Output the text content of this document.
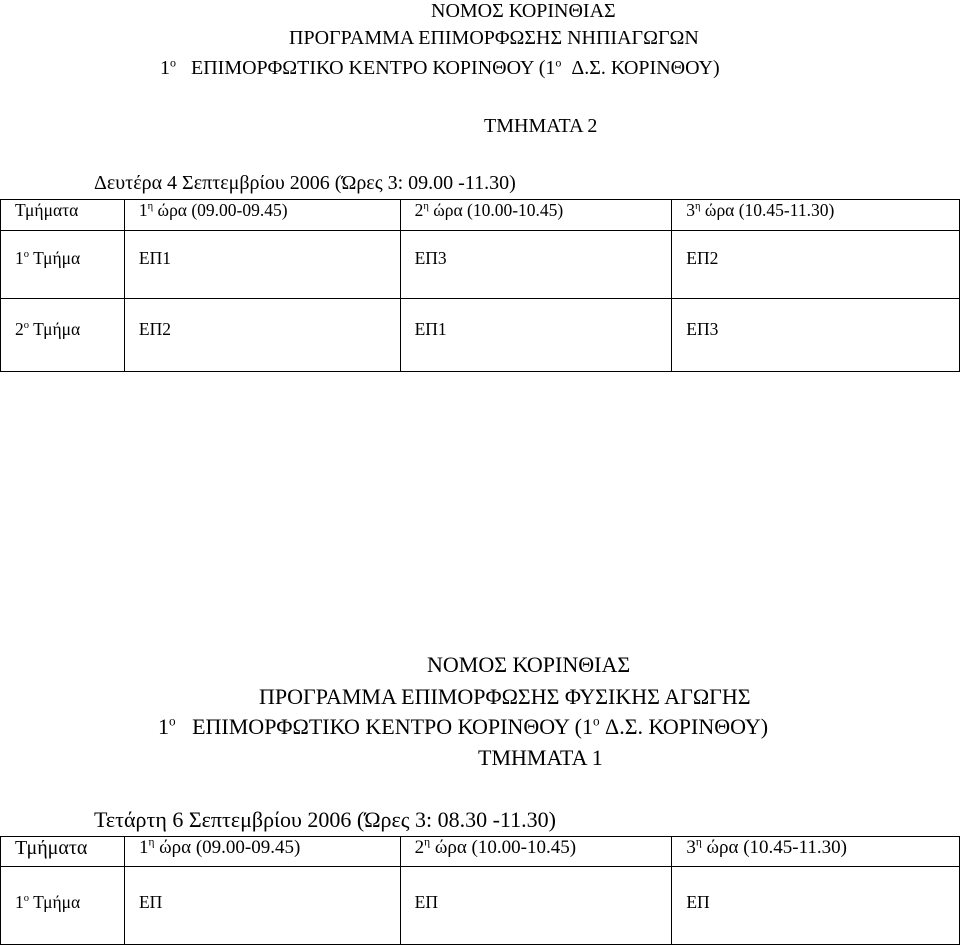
ΝΟΜΟΣ ΚΟΡΙΝΘΙΑΣ
ΠΡΟΓΡΑΜΜΑ ΕΠΙΜΟΡΦΩΣΗΣ ΝΗΠΙΑΓΩΓΩΝ
$1^o$ ΕΠΙΜΟΡΦΩΤΙΚΟ ΚΕΝΤΡΟ ΚΟΡΙΝΘΟΥ ($1^o$ Δ.Σ. ΚΟΡΙΝΘΟΥ)
ΤΜΗΜΑΤΑ 2
Δευτέρα 4 Σεπτεμβρίου 2006 (Ώρες 3: 09.00 -11.30)
Τμήματα	$1^\eta$ ώρα (09.00-09.45)	$2^\eta$ ώρα (10.00-10.45)	$3^\eta$ ώρα (10.45-11.30)
$1^o$ Τμήμα	ΕΠ1	ΕΠ3	ΕΠ2
$2^o$ Τμήμα	ΕΠ2	ΕΠ1	ΕΠ3
ΝΟΜΟΣ ΚΟΡΙΝΘΙΑΣ
ΠΡΟΓΡΑΜΜΑ ΕΠΙΜΟΡΦΩΣΗΣ ΦΥΣΙΚΗΣ ΑΓΩΓΗΣ
$1^o$ ΕΠΙΜΟΡΦΩΤΙΚΟ ΚΕΝΤΡΟ ΚΟΡΙΝΘΟΥ ($1^o$ Δ.Σ. ΚΟΡΙΝΘΟΥ)
ΤΜΗΜΑΤΑ 1
Τετάρτη 6 Σεπτεμβρίου 2006 (Ώρες 3: 08.30 -11.30)
Τμήματα	$1^\eta$ ώρα (09.00-09.45)	$2^\eta$ ώρα (10.00-10.45)	$3^\eta$ ώρα (10.45-11.30)
$1^o$ Τμήμα	ΕΠ	ΕΠ	ΕΠ
